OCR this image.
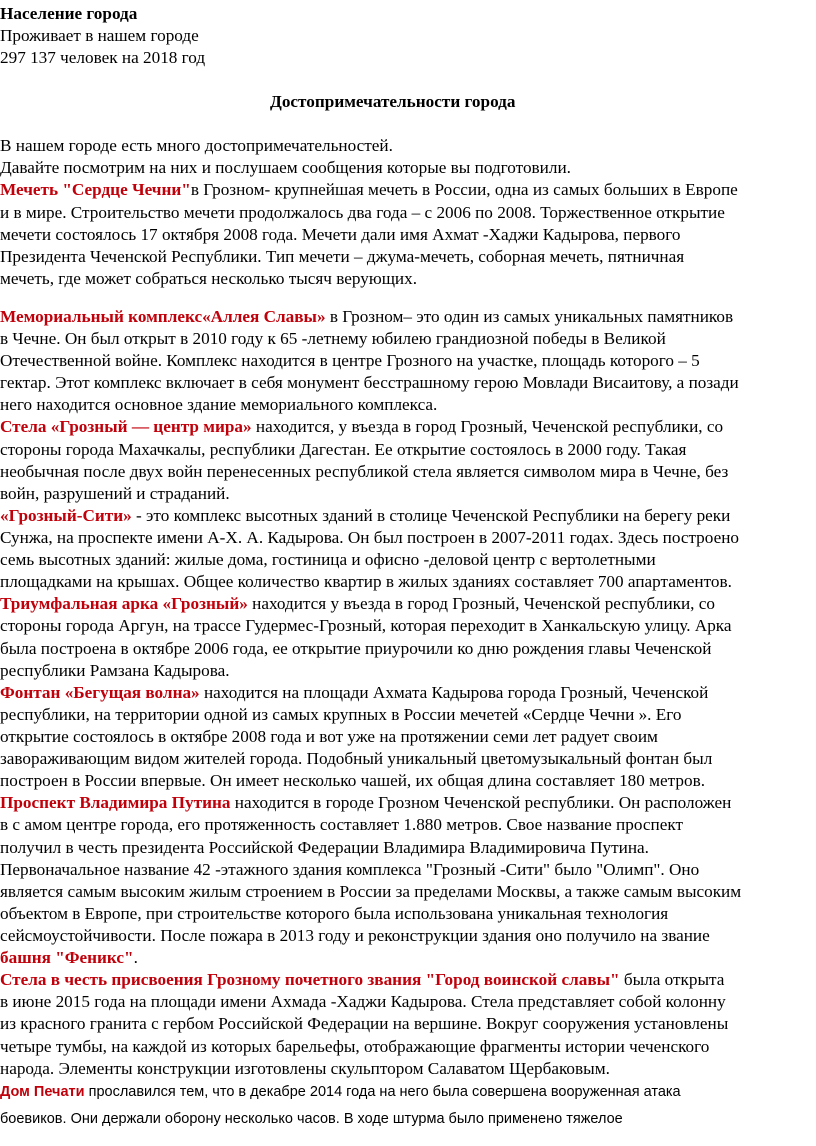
Население города
Проживает в нашем городе
297 137 человек на 2018 год
Достопримечательности города
В нашем городе есть много достопримечательностей.
Давайте посмотрим на них и послушаем сообщения которые вы подготовили.
Мечеть "Сердце Чечни"в Грозном- крупнейшая мечеть в России, одна из самых больших в Европе
и в мире. Строительство мечети продолжалось два года – с 2006 по 2008. Торжественное открытие
мечети состоялось 17 октября 2008 года. Мечети дали имя Ахмат -Хаджи Кадырова, первого
Президента Чеченской Республики. Тип мечети – джума-мечеть, соборная мечеть, пятничная
мечеть, где может собраться несколько тысяч верующих.
Мемориальный комплекс«Аллея Славы» в Грозном– это один из самых уникальных памятников
в Чечне. Он был открыт в 2010 году к 65 -летнему юбилею грандиозной победы в Великой
Отечественной войне. Комплекс находится в центре Грозного на участке, площадь которого – 5
гектар. Этот комплекс включает в себя монумент бесстрашному герою Мовлади Висаитову, а позади
него находится основное здание мемориального комплекса.
Стела «Грозный — центр мира» находится, у въезда в город Грозный, Чеченской республики, со
стороны города Махачкалы, республики Дагестан. Ее открытие состоялось в 2000 году. Такая
необычная после двух войн перенесенных республикой стела является символом мира в Чечне, без
войн, разрушений и страданий.
«Грозный-Сити» - это комплекс высотных зданий в столице Чеченской Республики на берегу реки
Сунжа, на проспекте имени А-Х. А. Кадырова. Он был построен в 2007-2011 годах. Здесь построено
семь высотных зданий: жилые дома, гостиница и офисно -деловой центр с вертолетными
площадками на крышах. Общее количество квартир в жилых зданиях составляет 700 апартаментов.
Триумфальная арка «Грозный» находится у въезда в город Грозный, Чеченской республики, со
стороны города Аргун, на трассе Гудермес-Грозный, которая переходит в Ханкальскую улицу. Арка
была построена в октябре 2006 года, ее открытие приурочили ко дню рождения главы Чеченской
республики Рамзана Кадырова.
Фонтан «Бегущая волна» находится на площади Ахмата Кадырова города Грозный, Чеченской
республики, на территории одной из самых крупных в России мечетей «Сердце Чечни ». Его
открытие состоялось в октябре 2008 года и вот уже на протяжении семи лет радует своим
завораживающим видом жителей города. Подобный уникальный цветомузыкальный фонтан был
построен в России впервые. Он имеет несколько чашей, их общая длина составляет 180 метров.
Проспект Владимира Путина находится в городе Грозном Чеченской республики. Он расположен
в с амом центре города, его протяженность составляет 1.880 метров. Свое название проспект
получил в честь президента Российской Федерации Владимира Владимировича Путина.
Первоначальное название 42 -этажного здания комплекса "Грозный -Сити" было "Олимп". Оно
является самым высоким жилым строением в России за пределами Москвы, а также самым высоким
объектом в Европе, при строительстве которого была использована уникальная технология
сейсмоустойчивости. После пожара в 2013 году и реконструкции здания оно получило на звание
башня "Феникс".
Стела в честь присвоения Грозному почетного звания "Город воинской славы" была открыта
в июне 2015 года на площади имени Ахмада -Хаджи Кадырова. Стела представляет собой колонну
из красного гранита с гербом Российской Федерации на вершине. Вокруг сооружения установлены
четыре тумбы, на каждой из которых барельефы, отображающие фрагменты истории чеченского
народа. Элементы конструкции изготовлены скульптором Салаватом Щербаковым.
Дом Печати прославился тем, что в декабре 2014 года на него была совершена вооруженная атака
боевиков. Они держали оборону несколько часов. В ходе штурма было применено тяжелое
